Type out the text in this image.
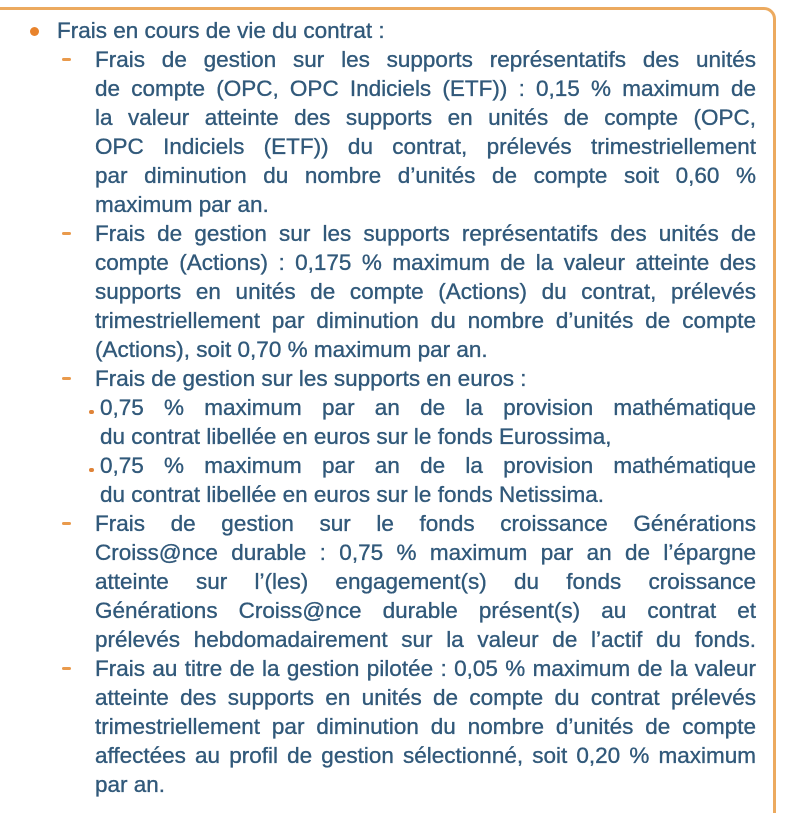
Frais en cours de vie du contrat :
Frais de gestion sur les supports représentatifs des unités
de compte (OPC, OPC Indiciels (ETF)) : 0,15 % maximum de
la valeur atteinte des supports en unités de compte (OPC,
OPC Indiciels (ETF)) du contrat, prélevés trimestriellement
par diminution du nombre d’unités de compte soit 0,60 %
maximum par an.
Frais de gestion sur les supports représentatifs des unités de
compte (Actions) : 0,175 % maximum de la valeur atteinte des
supports en unités de compte (Actions) du contrat, prélevés
trimestriellement par diminution du nombre d’unités de compte
(Actions), soit 0,70 % maximum par an.
Frais de gestion sur les supports en euros :
0,75 % maximum par an de la provision mathématique
du contrat libellée en euros sur le fonds Eurossima,
0,75 % maximum par an de la provision mathématique
du contrat libellée en euros sur le fonds Netissima.
Frais de gestion sur le fonds croissance Générations
Croiss@nce durable : 0,75 % maximum par an de l’épargne
atteinte sur l’(les) engagement(s) du fonds croissance
Générations Croiss@nce durable présent(s) au contrat et
prélevés hebdomadairement sur la valeur de l’actif du fonds.
Frais au titre de la gestion pilotée : 0,05 % maximum de la valeur
atteinte des supports en unités de compte du contrat prélevés
trimestriellement par diminution du nombre d’unités de compte
affectées au profil de gestion sélectionné, soit 0,20 % maximum
par an.
